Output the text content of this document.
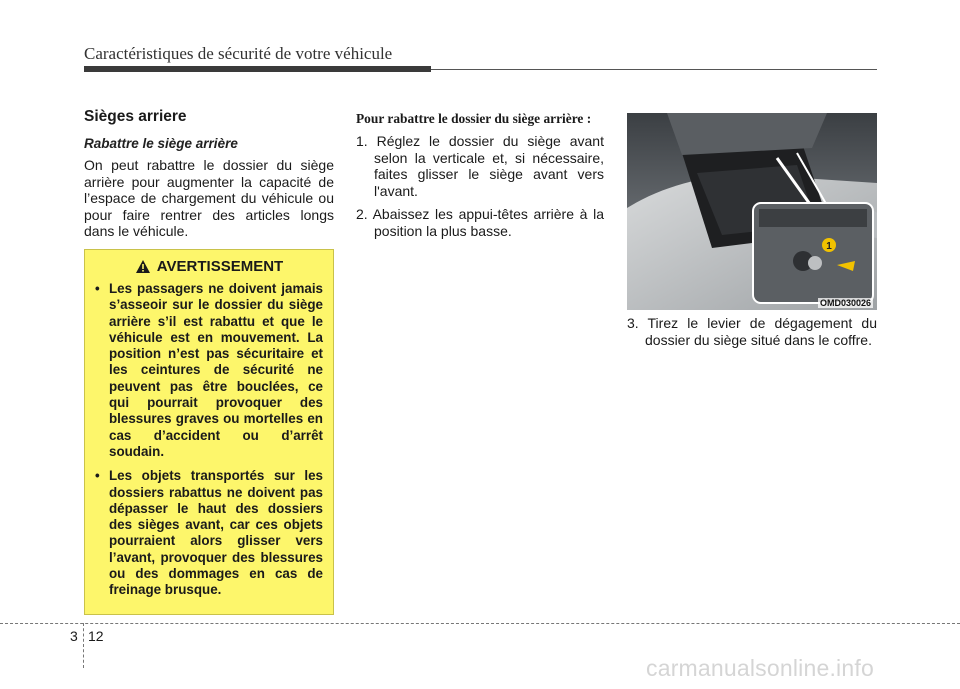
Caractéristiques de sécurité de votre véhicule
Sièges arriere
Rabattre le siège arrière

On peut rabattre le dossier du siège arrière pour augmenter la capacité de l’espace de chargement du véhicule ou pour faire rentrer des articles longs dans le véhicule.

AVERTISSEMENT
• Les passagers ne doivent jamais s’asseoir sur le dossier du siège arrière s’il est rabattu et que le véhicule est en mouvement. La position n’est pas sécuritaire et les ceintures de sécurité ne peuvent pas être bouclées, ce qui pourrait provoquer des blessures graves ou mortelles en cas d’accident ou d’arrêt soudain.
• Les objets transportés sur les dossiers rabattus ne doivent pas dépasser le haut des dossiers des sièges avant, car ces objets pourraient alors glisser vers l’avant, provoquer des blessures ou des dommages en cas de freinage brusque.

Pour rabattre le dossier du siège arrière :

1. Réglez le dossier du siège avant selon la verticale et, si nécessaire, faites glisser le siège avant vers l'avant.

2. Abaissez les appui-têtes arrière à la position la plus basse.

1
OMD030026

3. Tirez le levier de dégagement du dossier du siège situé dans le coffre.

3 12
carmanualsonline.info
